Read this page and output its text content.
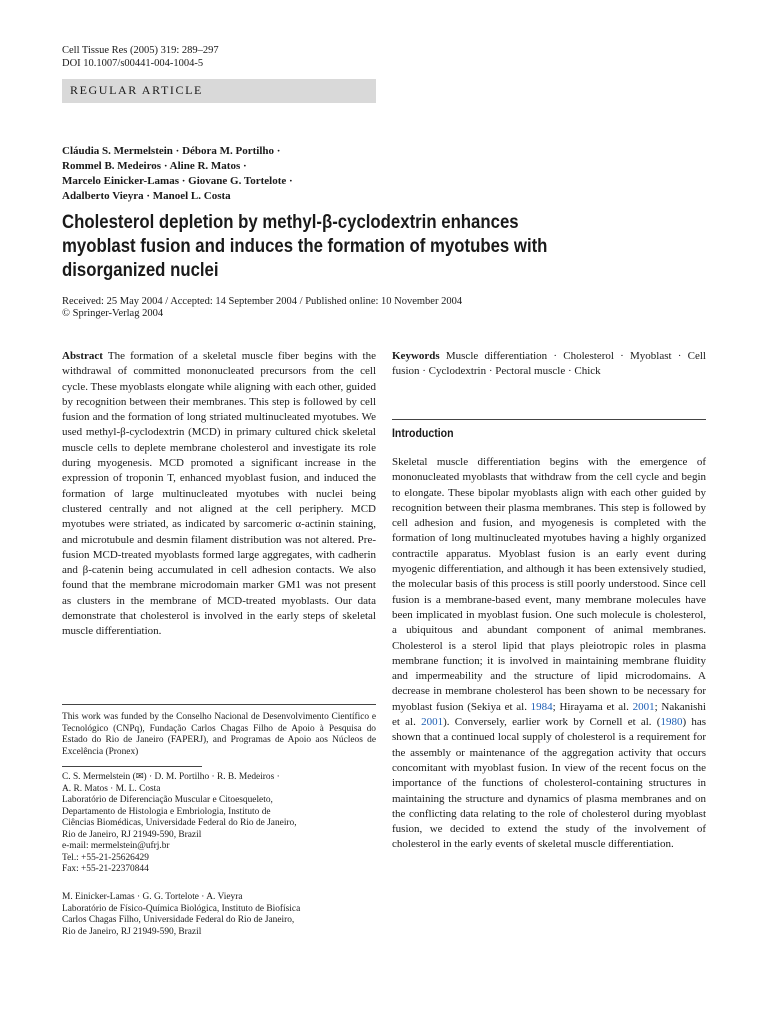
Cell Tissue Res (2005) 319: 289–297
DOI 10.1007/s00441-004-1004-5
REGULAR ARTICLE
Cláudia S. Mermelstein · Débora M. Portilho ·
Rommel B. Medeiros · Aline R. Matos ·
Marcelo Einicker-Lamas · Giovane G. Tortelote ·
Adalberto Vieyra · Manoel L. Costa
Cholesterol depletion by methyl-β-cyclodextrin enhances
myoblast fusion and induces the formation of myotubes with
disorganized nuclei
Received: 25 May 2004 / Accepted: 14 September 2004 / Published online: 10 November 2004
© Springer-Verlag 2004
Abstract The formation of a skeletal muscle fiber begins with the withdrawal of committed mononucleated precursors from the cell cycle. These myoblasts elongate while aligning with each other, guided by recognition between their membranes. This step is followed by cell fusion and the formation of long striated multinucleated myotubes. We used methyl-β-cyclodextrin (MCD) in primary cultured chick skeletal muscle cells to deplete membrane cholesterol and investigate its role during myogenesis. MCD promoted a significant increase in the expression of troponin T, enhanced myoblast fusion, and induced the formation of large multinucleated myotubes with nuclei being clustered centrally and not aligned at the cell periphery. MCD myotubes were striated, as indicated by sarcomeric α-actinin staining, and microtubule and desmin filament distribution was not altered. Pre-fusion MCD-treated myoblasts formed large aggregates, with cadherin and β-catenin being accumulated in cell adhesion contacts. We also found that the membrane microdomain marker GM1 was not present as clusters in the membrane of MCD-treated myoblasts. Our data demonstrate that cholesterol is involved in the early steps of skeletal muscle differentiation.
This work was funded by the Conselho Nacional de Desenvolvimento Científico e Tecnológico (CNPq), Fundação Carlos Chagas Filho de Apoio à Pesquisa do Estado do Rio de Janeiro (FAPERJ), and Programas de Apoio aos Núcleos de Excelência (Pronex)
C. S. Mermelstein (✉) · D. M. Portilho · R. B. Medeiros ·
A. R. Matos · M. L. Costa
Laboratório de Diferenciação Muscular e Citoesqueleto,
Departamento de Histologia e Embriologia, Instituto de
Ciências Biomédicas, Universidade Federal do Rio de Janeiro,
Rio de Janeiro, RJ 21949-590, Brazil
e-mail: mermelstein@ufrj.br
Tel.: +55-21-25626429
Fax: +55-21-22370844
M. Einicker-Lamas · G. G. Tortelote · A. Vieyra
Laboratório de Físico-Química Biológica, Instituto de Biofísica
Carlos Chagas Filho, Universidade Federal do Rio de Janeiro,
Rio de Janeiro, RJ 21949-590, Brazil
Keywords Muscle differentiation · Cholesterol · Myoblast · Cell fusion · Cyclodextrin · Pectoral muscle · Chick
Introduction
Skeletal muscle differentiation begins with the emergence of mononucleated myoblasts that withdraw from the cell cycle and begin to elongate. These bipolar myoblasts align with each other guided by recognition between their plasma membranes. This step is followed by cell adhesion and fusion, and myogenesis is completed with the formation of long multinucleated myotubes having a highly organized contractile apparatus. Myoblast fusion is an early event during myogenic differentiation, and although it has been extensively studied, the molecular basis of this process is still poorly understood. Since cell fusion is a membrane-based event, many membrane molecules have been implicated in myoblast fusion. One such molecule is cholesterol, a ubiquitous and abundant component of animal membranes. Cholesterol is a sterol lipid that plays pleiotropic roles in plasma membrane function; it is involved in maintaining membrane fluidity and impermeability and the structure of lipid microdomains. A decrease in membrane cholesterol has been shown to be necessary for myoblast fusion (Sekiya et al. 1984; Hirayama et al. 2001; Nakanishi et al. 2001). Conversely, earlier work by Cornell et al. (1980) has shown that a continued local supply of cholesterol is a requirement for the assembly or maintenance of the aggregation activity that occurs concomitant with myoblast fusion. In view of the recent focus on the importance of the functions of cholesterol-containing structures in maintaining the structure and dynamics of plasma membranes and on the conflicting data relating to the role of cholesterol during myoblast fusion, we decided to extend the study of the involvement of cholesterol in the early events of skeletal muscle differentiation.
